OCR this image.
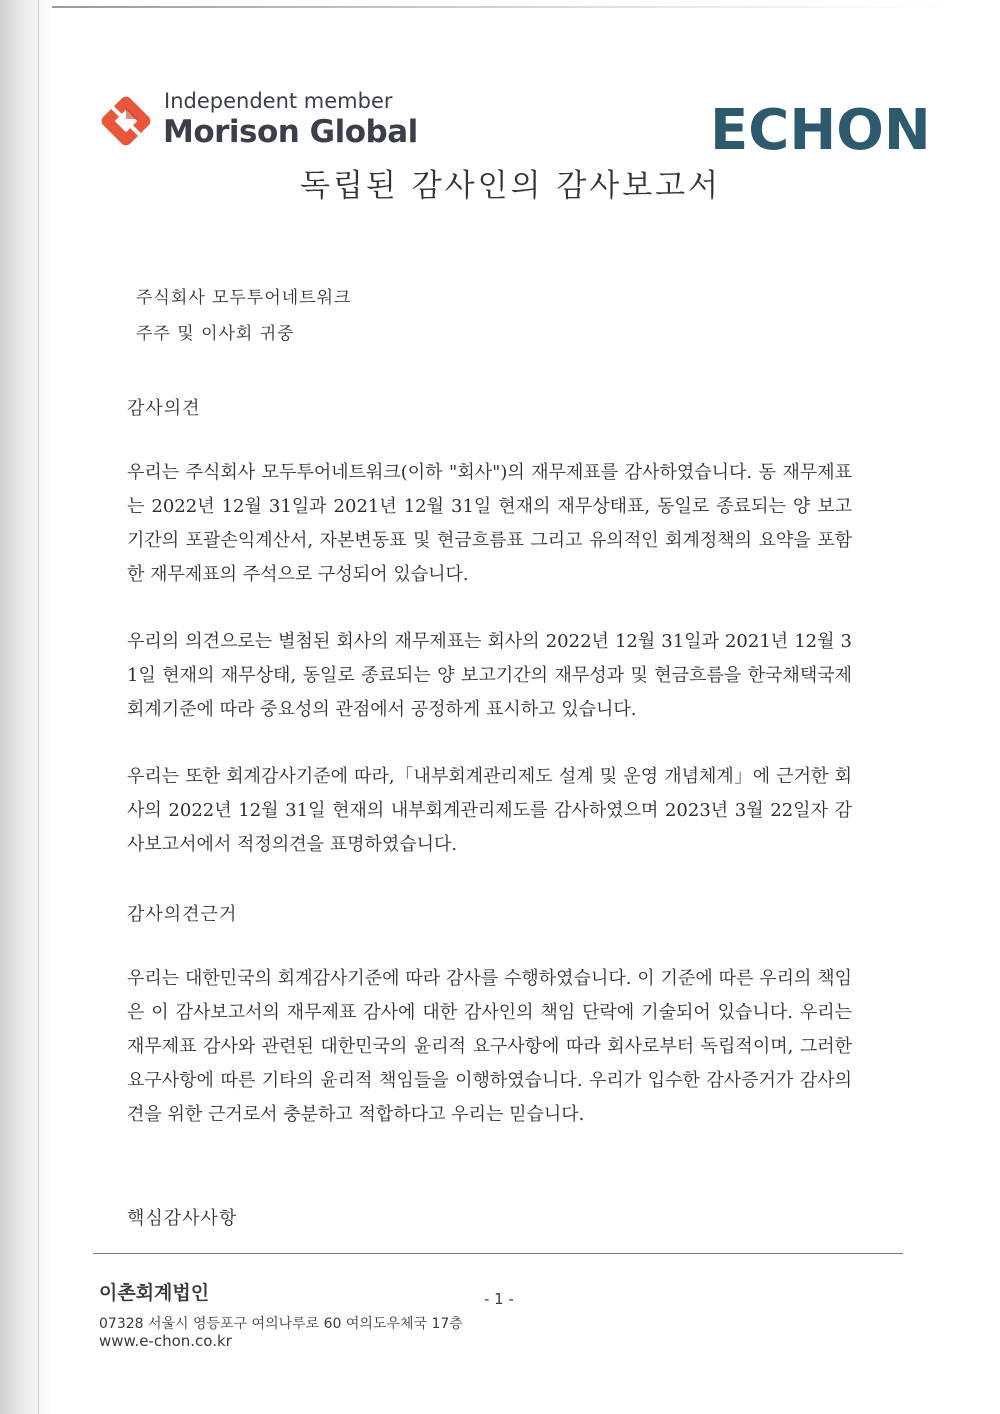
Independent member
Morison Global	ECHON
독립된 감사인의 감사보고서
주식회사 모두투어네트워크
주주 및 이사회 귀중
감사의견

우리는 주식회사 모두투어네트워크(이하 "회사")의 재무제표를 감사하였습니다. 동 재무제표는 2022년 12월 31일과 2021년 12월 31일 현재의 재무상태표, 동일로 종료되는 양 보고기간의 포괄손익계산서, 자본변동표 및 현금흐름표 그리고 유의적인 회계정책의 요약을 포함한 재무제표의 주석으로 구성되어 있습니다.

우리의 의견으로는 별첨된 회사의 재무제표는 회사의 2022년 12월 31일과 2021년 12월 31일 현재의 재무상태, 동일로 종료되는 양 보고기간의 재무성과 및 현금흐름을 한국채택국제회계기준에 따라 중요성의 관점에서 공정하게 표시하고 있습니다.

우리는 또한 회계감사기준에 따라,「내부회계관리제도 설계 및 운영 개념체계」에 근거한 회사의 2022년 12월 31일 현재의 내부회계관리제도를 감사하였으며 2023년 3월 22일자 감사보고서에서 적정의견을 표명하였습니다.

감사의견근거

우리는 대한민국의 회계감사기준에 따라 감사를 수행하였습니다. 이 기준에 따른 우리의 책임은 이 감사보고서의 재무제표 감사에 대한 감사인의 책임 단락에 기술되어 있습니다. 우리는 재무제표 감사와 관련된 대한민국의 윤리적 요구사항에 따라 회사로부터 독립적이며, 그러한 요구사항에 따른 기타의 윤리적 책임들을 이행하였습니다. 우리가 입수한 감사증거가 감사의견을 위한 근거로서 충분하고 적합하다고 우리는 믿습니다.

핵심감사사항
이촌회계법인	- 1 -
07328 서울시 영등포구 여의나루로 60 여의도우체국 17층
www.e-chon.co.kr
